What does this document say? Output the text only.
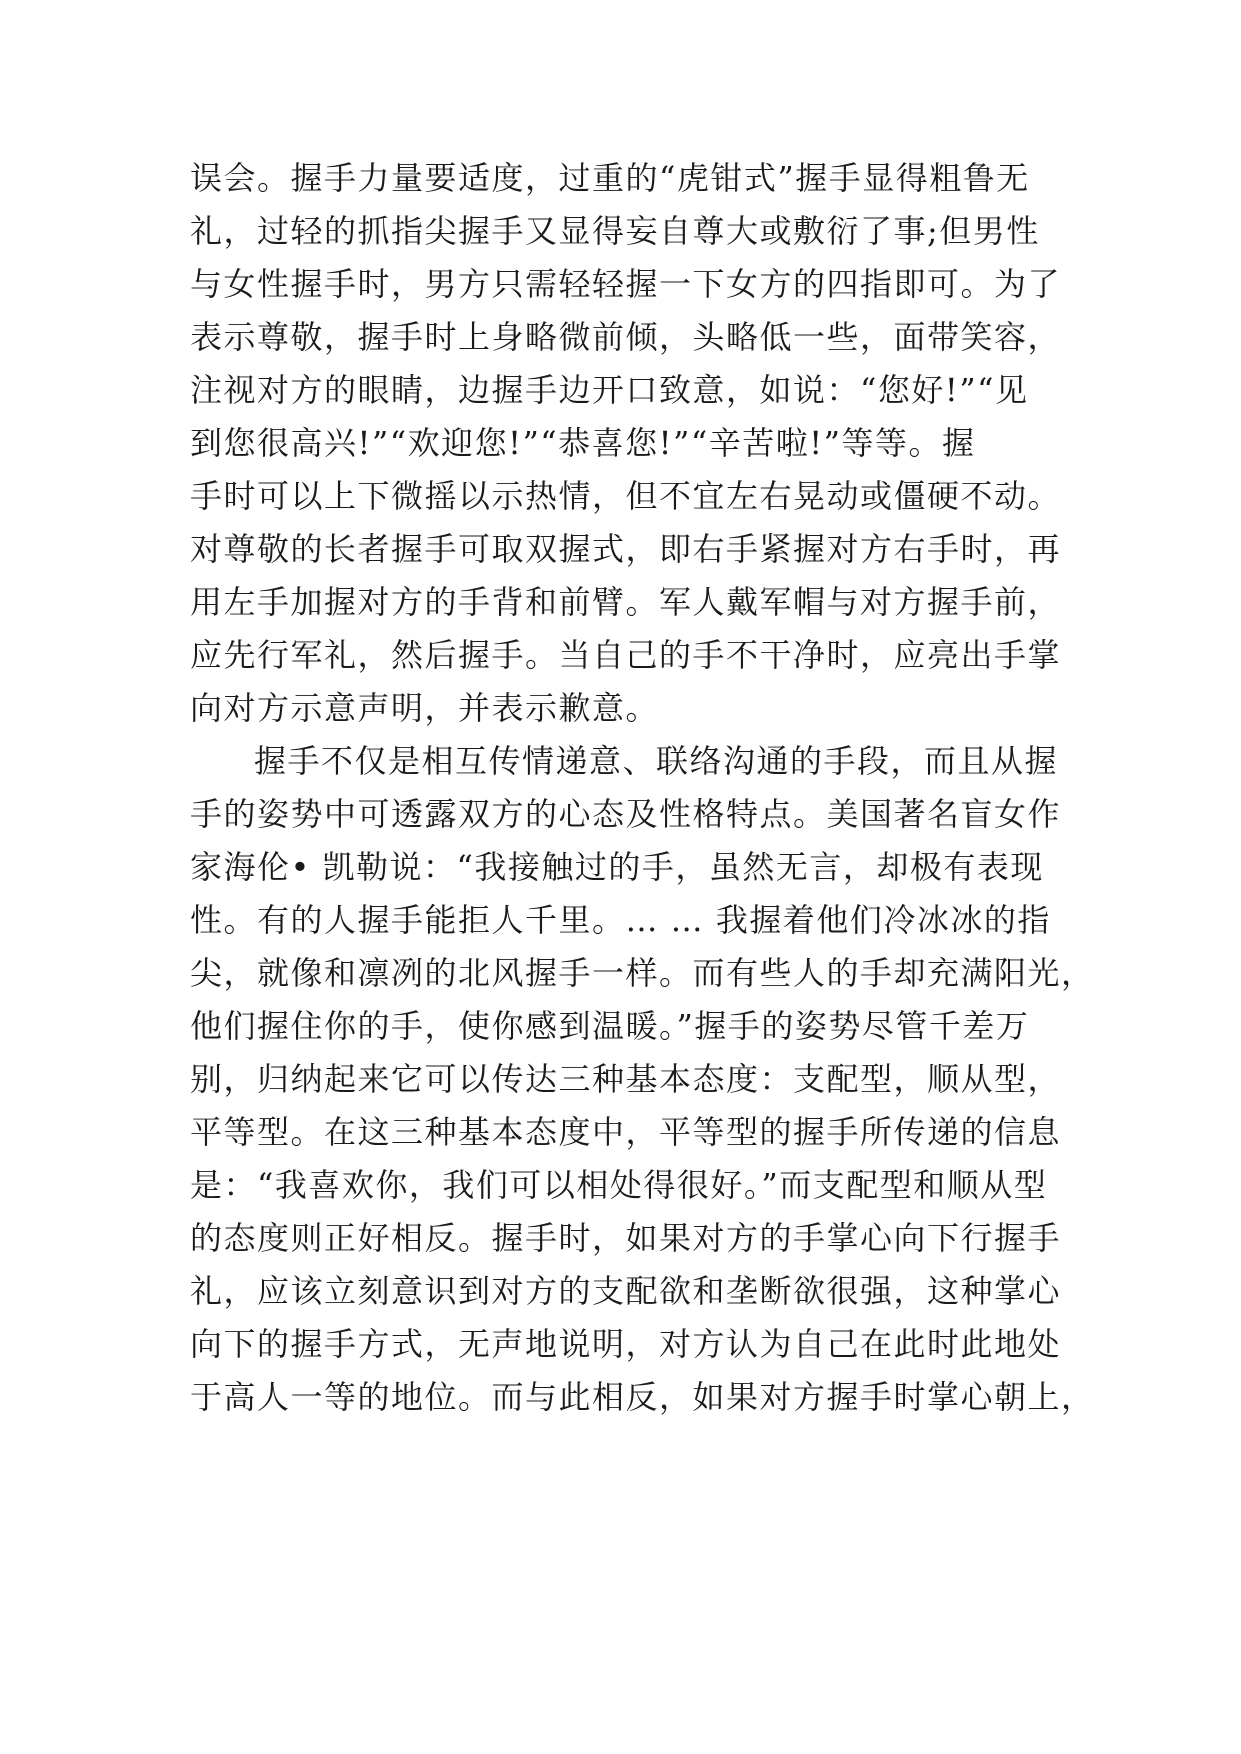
误会。握手力量要适度，过重的“虎钳式”握手显得粗鲁无
礼，过轻的抓指尖握手又显得妄自尊大或敷衍了事;但男性
与女性握手时，男方只需轻轻握一下女方的四指即可。为了
表示尊敬，握手时上身略微前倾，头略低一些，面带笑容，
注视对方的眼睛，边握手边开口致意，如说：“您好!”“见
到您很高兴!”“欢迎您!”“恭喜您!”“辛苦啦!”等等。握
手时可以上下微摇以示热情，但不宜左右晃动或僵硬不动。
对尊敬的长者握手可取双握式，即右手紧握对方右手时，再
用左手加握对方的手背和前臂。军人戴军帽与对方握手前，
应先行军礼，然后握手。当自己的手不干净时，应亮出手掌
向对方示意声明，并表示歉意。
握手不仅是相互传情递意、联络沟通的手段，而且从握
手的姿势中可透露双方的心态及性格特点。美国著名盲女作
家海伦• 凯勒说：“我接触过的手，虽然无言，却极有表现
性。有的人握手能拒人千里。… … 我握着他们冷冰冰的指
尖，就像和凛冽的北风握手一样。而有些人的手却充满阳光，
他们握住你的手，使你感到温暖。”握手的姿势尽管千差万
别，归纳起来它可以传达三种基本态度：支配型，顺从型，
平等型。在这三种基本态度中，平等型的握手所传递的信息
是：“我喜欢你，我们可以相处得很好。”而支配型和顺从型
的态度则正好相反。握手时，如果对方的手掌心向下行握手
礼，应该立刻意识到对方的支配欲和垄断欲很强，这种掌心
向下的握手方式，无声地说明，对方认为自己在此时此地处
于高人一等的地位。而与此相反，如果对方握手时掌心朝上，
